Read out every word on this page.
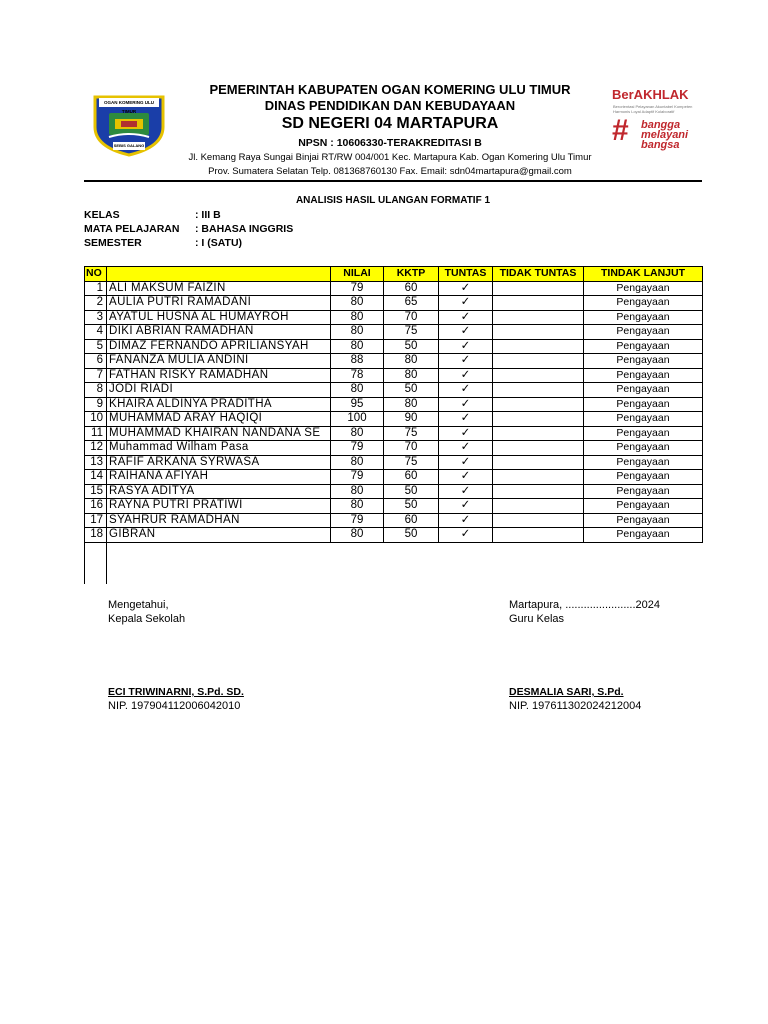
OGAN KOMERING ULU TIMUR
SEBIS GALANG
PEMERINTAH KABUPATEN OGAN KOMERING ULU TIMUR
DINAS PENDIDIKAN DAN KEBUDAYAAN
SD NEGERI 04 MARTAPURA
NPSN : 10606330-TERAKREDITASI B
Jl. Kemang Raya Sungai Binjai RT/RW 004/001 Kec. Martapura Kab. Ogan Komering Ulu Timur
Prov. Sumatera Selatan Telp. 081368760130 Fax. Email: sdn04martapura@gmail.com
BerAKHLAK
Berorientasi Pelayanan Akuntabel Kompeten Harmonis Loyal Adaptif Kolaboratif
# bangga
melayani
bangsa
ANALISIS HASIL ULANGAN FORMATIF 1
KELAS	: III B
MATA PELAJARAN : BAHASA INGGRIS
SEMESTER	: I (SATU)
NO		NILAI	KKTP	TUNTAS	TIDAK TUNTAS	TINDAK LANJUT
1	ALI MAKSUM FAIZIN	79	60	✓		Pengayaan
2	AULIA PUTRI RAMADANI	80	65	✓		Pengayaan
3	AYATUL HUSNA AL HUMAYROH	80	70	✓		Pengayaan
4	DIKI ABRIAN RAMADHAN	80	75	✓		Pengayaan
5	DIMAZ FERNANDO APRILIANSYAH	80	50	✓		Pengayaan
6	FANANZA MULIA ANDINI	88	80	✓		Pengayaan
7	FATHAN RISKY RAMADHAN	78	80	✓		Pengayaan
8	JODI RIADI	80	50	✓		Pengayaan
9	KHAIRA ALDINYA PRADITHA	95	80	✓		Pengayaan
10	MUHAMMAD ARAY HAQIQI	100	90	✓		Pengayaan
11	MUHAMMAD KHAIRAN NANDANA SE	80	75	✓		Pengayaan
12	Muhammad Wilham Pasa	79	70	✓		Pengayaan
13	RAFIF ARKANA SYRWASA	80	75	✓		Pengayaan
14	RAIHANA AFIYAH	79	60	✓		Pengayaan
15	RASYA ADITYA	80	50	✓		Pengayaan
16	RAYNA PUTRI PRATIWI	80	50	✓		Pengayaan
17	SYAHRUR RAMADHAN	79	60	✓		Pengayaan
18	GIBRAN	80	50	✓		Pengayaan
Mengetahui,
Kepala Sekolah
ECI TRIWINARNI, S.Pd. SD.
NIP. 197904112006042010
Martapura, .......................2024
Guru Kelas
DESMALIA SARI, S.Pd.
NIP. 197611302024212004
